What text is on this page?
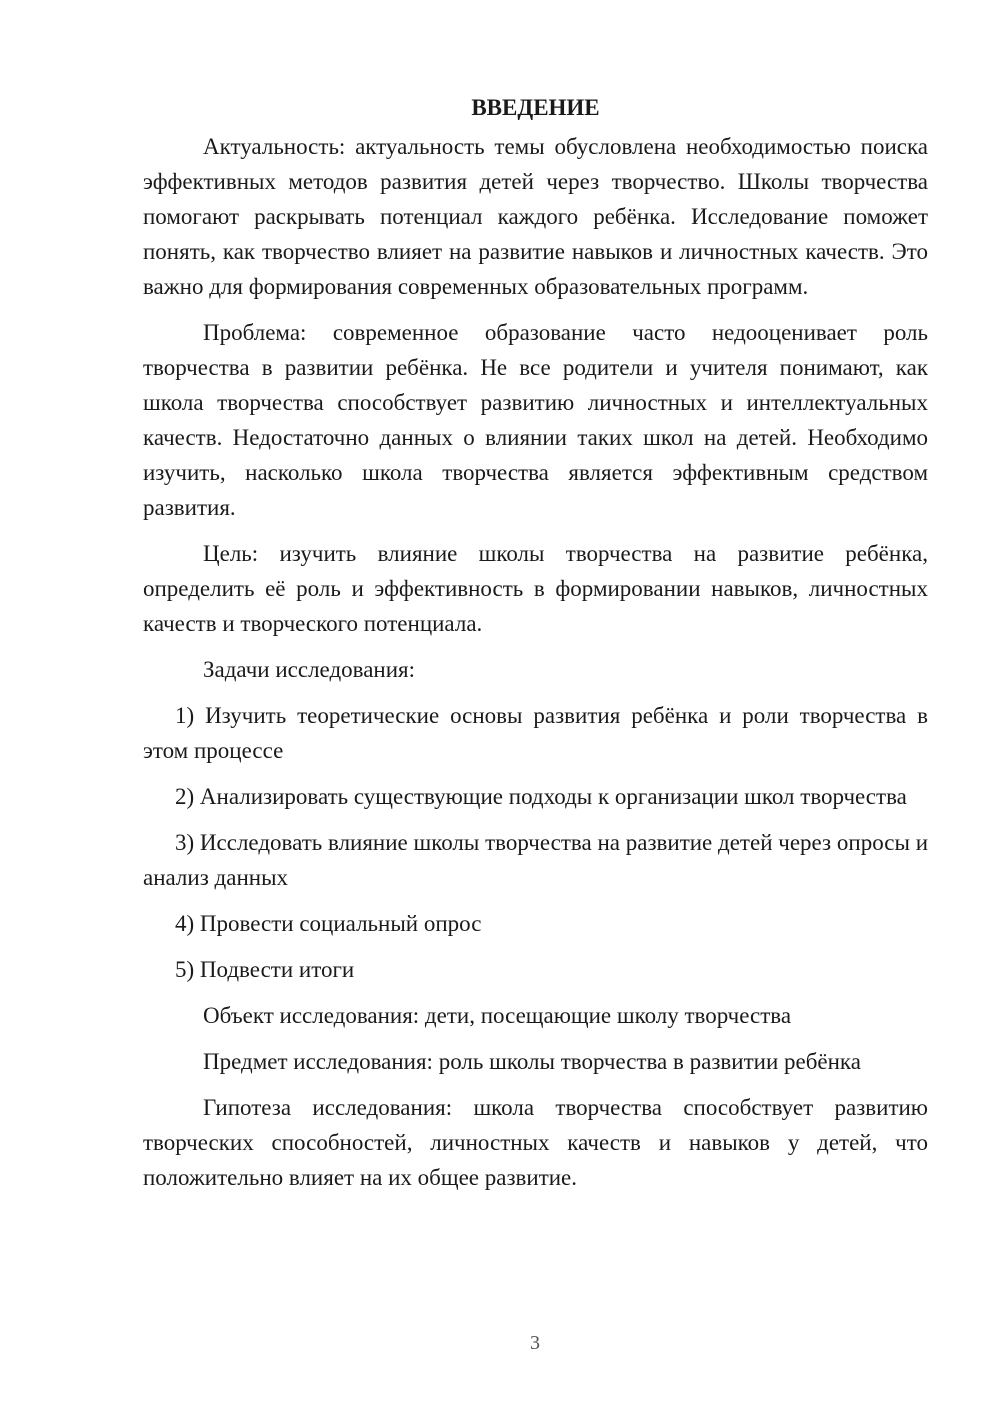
ВВЕДЕНИЕ

Актуальность: актуальность темы обусловлена необходимостью поиска эффективных методов развития детей через творчество. Школы творчества помогают раскрывать потенциал каждого ребёнка. Исследование поможет понять, как творчество влияет на развитие навыков и личностных качеств. Это важно для формирования современных образовательных программ.

Проблема: современное образование часто недооценивает роль творчества в развитии ребёнка. Не все родители и учителя понимают, как школа творчества способствует развитию личностных и интеллектуальных качеств. Недостаточно данных о влиянии таких школ на детей. Необходимо изучить, насколько школа творчества является эффективным средством развития.

Цель: изучить влияние школы творчества на развитие ребёнка, определить её роль и эффективность в формировании навыков, личностных качеств и творческого потенциала.

Задачи исследования:

1) Изучить теоретические основы развития ребёнка и роли творчества в этом процессе

2) Анализировать существующие подходы к организации школ творчества

3) Исследовать влияние школы творчества на развитие детей через опросы и анализ данных

4) Провести социальный опрос

5) Подвести итоги

Объект исследования: дети, посещающие школу творчества

Предмет исследования: роль школы творчества в развитии ребёнка

Гипотеза исследования: школа творчества способствует развитию творческих способностей, личностных качеств и навыков у детей, что положительно влияет на их общее развитие.

3
